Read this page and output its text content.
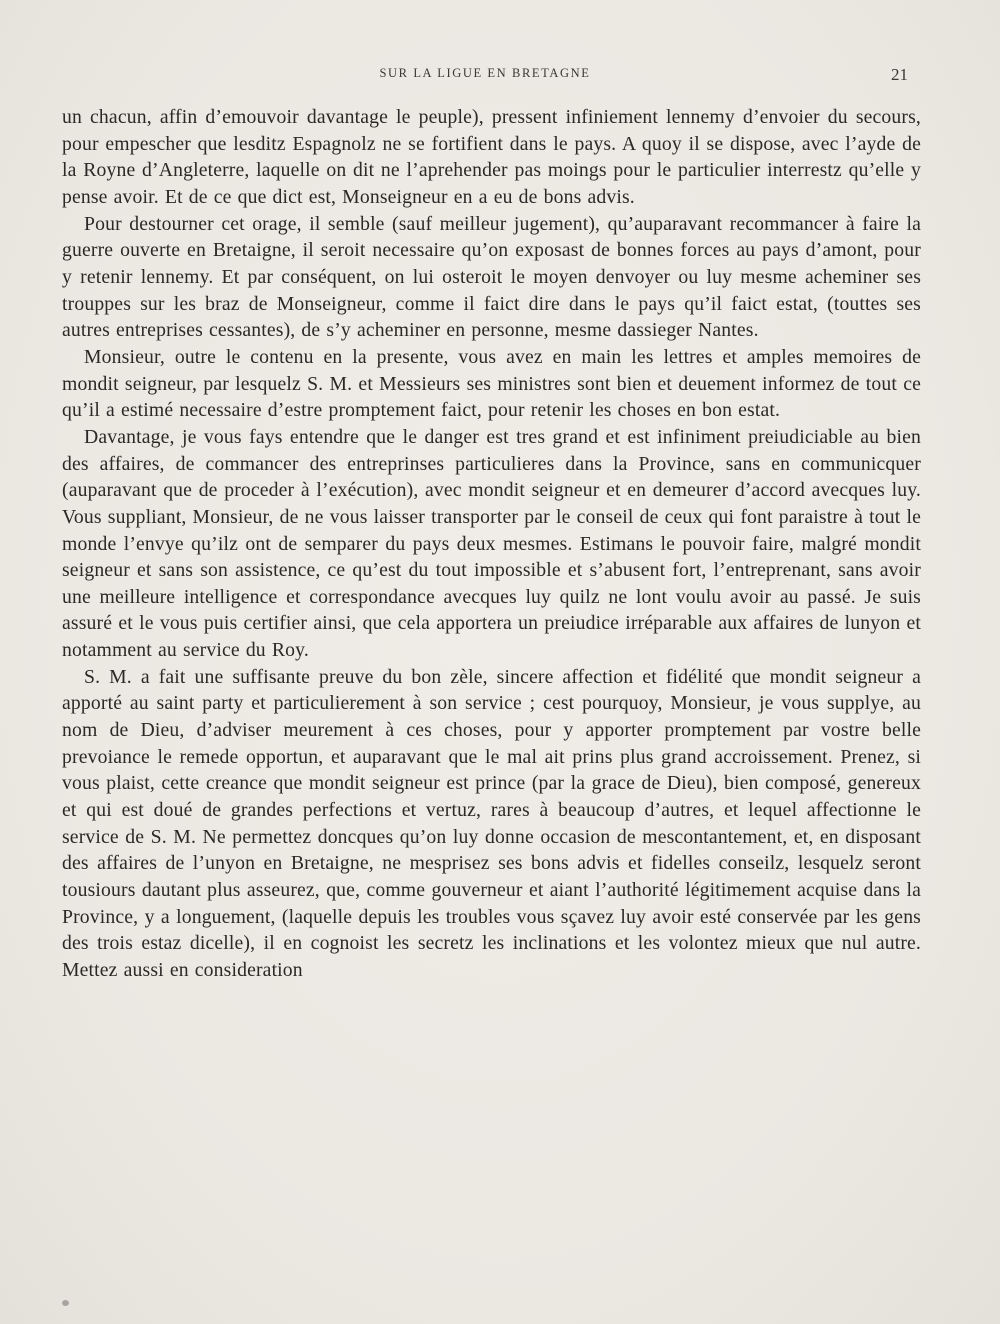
SUR LA LIGUE EN BRETAGNE	21

un chacun, affin d’emouvoir davantage le peuple), pressent infiniement lennemy d’envoier du secours, pour empescher que lesditz Espagnolz ne se fortifient dans le pays. A quoy il se dispose, avec l’ayde de la Royne d’Angleterre, laquelle on dit ne l’aprehender pas moings pour le particulier interrestz qu’elle y pense avoir. Et de ce que dict est, Monseigneur en a eu de bons advis.

Pour destourner cet orage, il semble (sauf meilleur jugement), qu’auparavant recommancer à faire la guerre ouverte en Bretaigne, il seroit necessaire qu’on exposast de bonnes forces au pays d’amont, pour y retenir lennemy. Et par conséquent, on lui osteroit le moyen denvoyer ou luy mesme acheminer ses trouppes sur les braz de Monseigneur, comme il faict dire dans le pays qu’il faict estat, (touttes ses autres entreprises cessantes), de s’y acheminer en personne, mesme dassieger Nantes.

Monsieur, outre le contenu en la presente, vous avez en main les lettres et amples memoires de mondit seigneur, par lesquelz S. M. et Messieurs ses ministres sont bien et deuement informez de tout ce qu’il a estimé necessaire d’estre promptement faict, pour retenir les choses en bon estat.

Davantage, je vous fays entendre que le danger est tres grand et est infiniment preiudiciable au bien des affaires, de commancer des entreprinses particulieres dans la Province, sans en communicquer (auparavant que de proceder à l’exécution), avec mondit seigneur et en demeurer d’accord avecques luy. Vous suppliant, Monsieur, de ne vous laisser transporter par le conseil de ceux qui font paraistre à tout le monde l’envye qu’ilz ont de semparer du pays deux mesmes. Estimans le pouvoir faire, malgré mondit seigneur et sans son assistence, ce qu’est du tout impossible et s’abusent fort, l’entreprenant, sans avoir une meilleure intelligence et correspondance avecques luy quilz ne lont voulu avoir au passé. Je suis assuré et le vous puis certifier ainsi, que cela apportera un preiudice irréparable aux affaires de lunyon et notamment au service du Roy.

S. M. a fait une suffisante preuve du bon zèle, sincere affection et fidélité que mondit seigneur a apporté au saint party et particulierement à son service ; cest pourquoy, Monsieur, je vous supplye, au nom de Dieu, d’adviser meurement à ces choses, pour y apporter promptement par vostre belle prevoiance le remede opportun, et auparavant que le mal ait prins plus grand accroissement. Prenez, si vous plaist, cette creance que mondit seigneur est prince (par la grace de Dieu), bien composé, genereux et qui est doué de grandes perfections et vertuz, rares à beaucoup d’autres, et lequel affectionne le service de S. M. Ne permettez doncques qu’on luy donne occasion de mescontantement, et, en disposant des affaires de l’unyon en Bretaigne, ne mesprisez ses bons advis et fidelles conseilz, lesquelz seront tousiours dautant plus asseurez, que, comme gouverneur et aiant l’authorité légitimement acquise dans la Province, y a longuement, (laquelle depuis les troubles vous sçavez luy avoir esté conservée par les gens des trois estaz dicelle), il en cognoist les secretz les inclinations et les volontez mieux que nul autre. Mettez aussi en consideration
